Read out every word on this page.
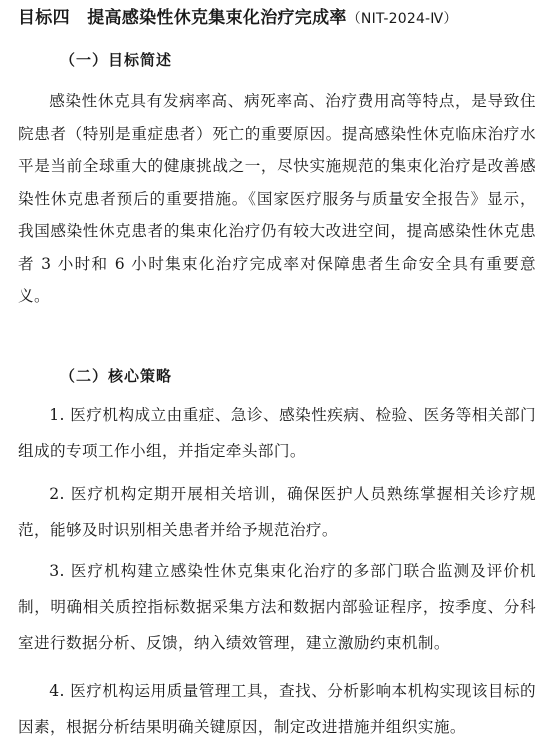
目标四　提高感染性休克集束化治疗完成率（NIT-2024-Ⅳ）
（一）目标简述

感染性休克具有发病率高、病死率高、治疗费用高等特点，是导致住院患者（特别是重症患者）死亡的重要原因。提高感染性休克临床治疗水平是当前全球重大的健康挑战之一，尽快实施规范的集束化治疗是改善感染性休克患者预后的重要措施。《国家医疗服务与质量安全报告》显示，我国感染性休克患者的集束化治疗仍有较大改进空间，提高感染性休克患者 3 小时和 6 小时集束化治疗完成率对保障患者生命安全具有重要意义。

（二）核心策略

1. 医疗机构成立由重症、急诊、感染性疾病、检验、医务等相关部门组成的专项工作小组，并指定牵头部门。

2. 医疗机构定期开展相关培训，确保医护人员熟练掌握相关诊疗规范，能够及时识别相关患者并给予规范治疗。

3. 医疗机构建立感染性休克集束化治疗的多部门联合监测及评价机制，明确相关质控指标数据采集方法和数据内部验证程序，按季度、分科室进行数据分析、反馈，纳入绩效管理，建立激励约束机制。

4. 医疗机构运用质量管理工具，查找、分析影响本机构实现该目标的因素，根据分析结果明确关键原因，制定改进措施并组织实施。
